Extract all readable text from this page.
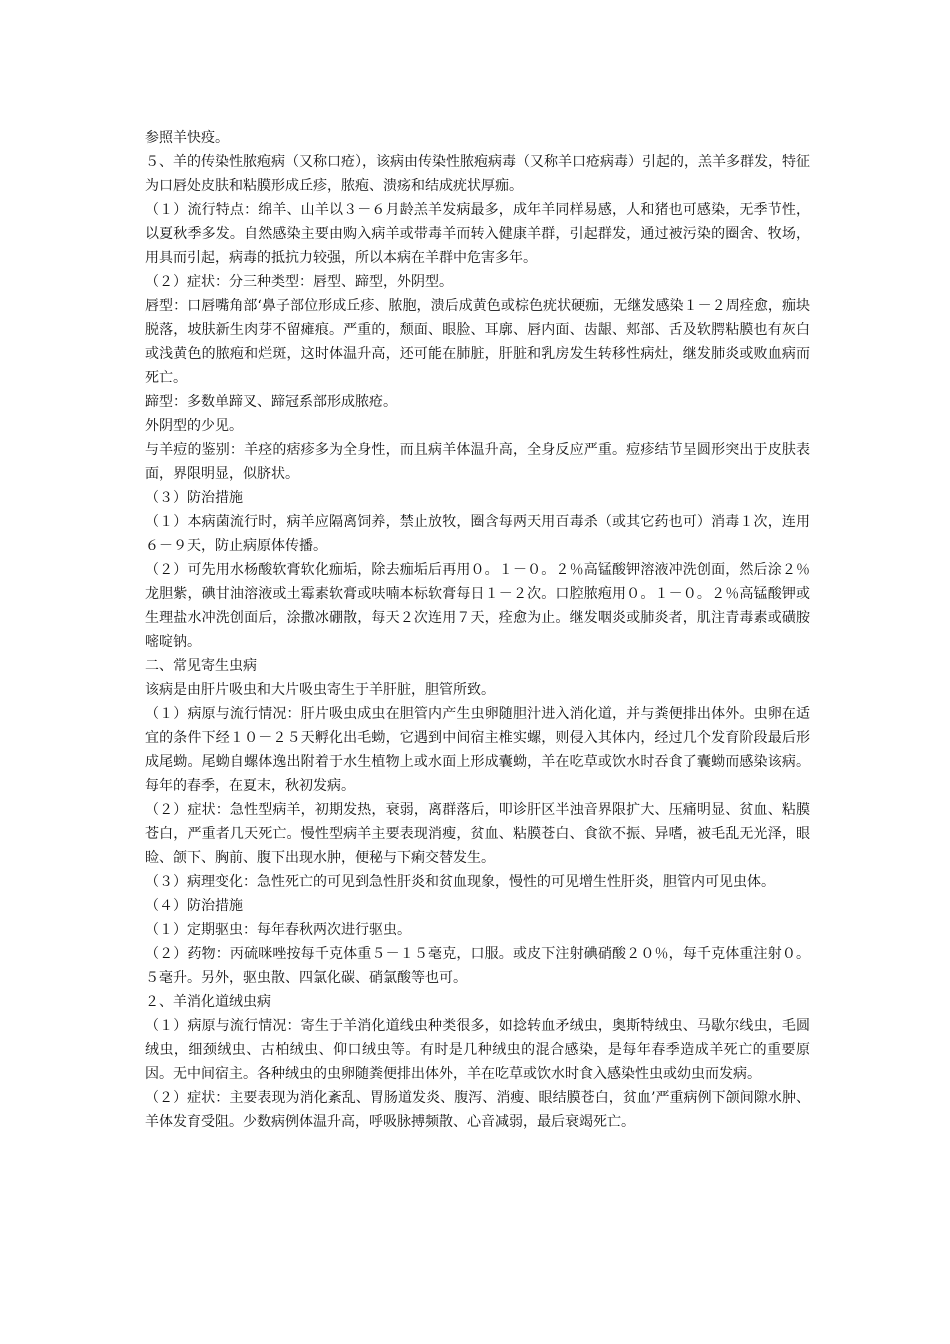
参照羊快疫。

５、羊的传染性脓疱病（又称口疮），该病由传染性脓疱病毒（又称羊口疮病毒）引起的，羔羊多群发，特征为口唇处皮肤和粘膜形成丘疹，脓疱、溃疡和结成疣状厚痂。

（１）流行特点：绵羊、山羊以３－６月龄羔羊发病最多，成年羊同样易感，人和猪也可感染，无季节性，以夏秋季多发。自然感染主要由购入病羊或带毒羊而转入健康羊群，引起群发，通过被污染的圈舍、牧场，用具而引起，病毒的抵抗力较强，所以本病在羊群中危害多年。

（２）症状：分三种类型：唇型、蹄型，外阴型。

唇型：口唇嘴角部‘鼻子部位形成丘疹、脓胞，溃后成黄色或棕色疣状硬痂，无继发感染１－２周痊愈，痂块脱落，坡肤新生肉芽不留瘫痕。严重的，颓面、眼脸、耳廓、唇内面、齿龈、郏部、舌及软腭粘膜也有灰白或浅黄色的脓疱和烂斑，这时体温升高，还可能在肺脏，肝脏和乳房发生转移性病灶，继发肺炎或败血病而死亡。

蹄型：多数单蹄叉、蹄冠系部形成脓疮。

外阴型的少见。

与羊痘的鉴别：羊痉的痞疹多为全身性，而且病羊体温升高，全身反应严重。痘疹结节呈圆形突出于皮肤表面，界限明显，似脐状。

（３）防治措施

（１）本病菌流行时，病羊应隔离饲养，禁止放牧，圈含每两天用百毒杀（或其它药也可）消毒１次，连用６－９天，防止病原体传播。

（２）可先用水杨酸软膏软化痂垢，除去痂垢后再用０。１－０。２％高锰酸钾溶液冲洗创面，然后涂２％龙胆紫，碘甘油溶液或土霉素软膏或呋喃本标软膏每日１－２次。口腔脓疱用０。１－０。２％高锰酸钾或生理盐水冲洗创面后，涂撒冰硼散，每天２次连用７天，痊愈为止。继发咽炎或肺炎者，肌注青毒素或磺胺嘧啶钠。

二、常见寄生虫病

该病是由肝片吸虫和大片吸虫寄生于羊肝脏，胆管所致。

（１）病原与流行情况：肝片吸虫成虫在胆管内产生虫卵随胆汁进入消化道，并与粪便排出体外。虫卵在适宜的条件下经１０－２５天孵化出毛蚴，它遇到中间宿主椎实螺，则侵入其体内，经过几个发育阶段最后形成尾蚴。尾蚴自螺体逸出附着于水生植物上或水面上形成囊蚴，羊在吃草或饮水时吞食了囊蚴而感染该病。每年的春季，在夏末，秋初发病。

（２）症状：急性型病羊，初期发热，衰弱，离群落后，叩诊肝区半浊音界限扩大、压痛明显、贫血、粘膜苍白，严重者几天死亡。慢性型病羊主要表现消瘦，贫血、粘膜苍白、食欲不振、异嗜，被毛乱无光泽，眼睑、颌下、胸前、腹下出现水肿，便秘与下痢交替发生。

（３）病理变化：急性死亡的可见到急性肝炎和贫血现象，慢性的可见增生性肝炎，胆管内可见虫体。

（４）防治措施

（１）定期驱虫：每年春秋两次进行驱虫。

（２）药物：丙硫咪唑按每千克体重５－１５毫克，口服。或皮下注射碘硝酸２０％，每千克体重注射０。５毫升。另外，驱虫散、四氯化碳、硝氯酸等也可。

２、羊消化道绒虫病

（１）病原与流行情况：寄生于羊消化道线虫种类很多，如捻转血矛绒虫，奥斯特绒虫、马歇尔线虫，毛圆绒虫，细颈绒虫、古柏绒虫、仰口绒虫等。有时是几种绒虫的混合感染，是每年春季造成羊死亡的重要原因。无中间宿主。各种绒虫的虫卵随粪便排出体外，羊在吃草或饮水时食入感染性虫或幼虫而发病。

（２）症状：主要表现为消化紊乱、胃肠道发炎、腹泻、消瘦、眼结膜苍白，贫血’严重病例下颌间隙水肿、羊体发育受阻。少数病例体温升高，呼吸脉搏频散、心音减弱，最后衰竭死亡。
